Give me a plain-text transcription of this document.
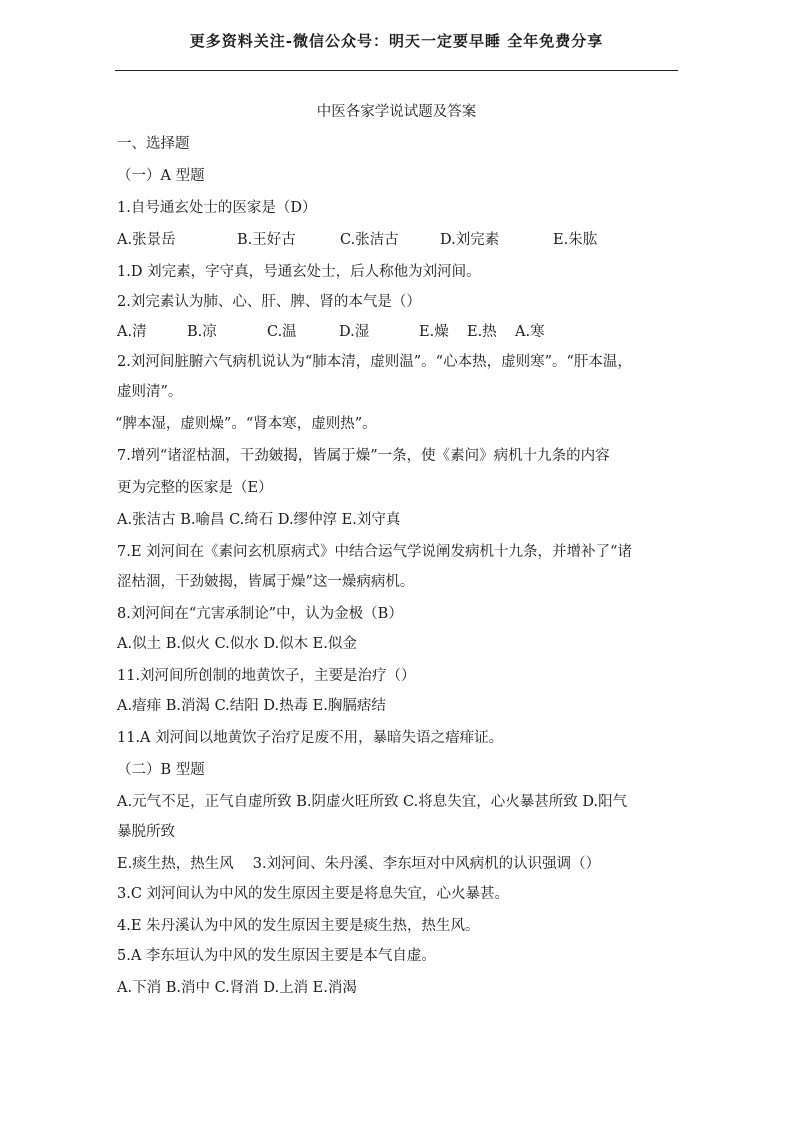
更多资料关注-微信公众号：明天一定要早睡 全年免费分享
中医各家学说试题及答案
一、选择题
（一）A 型题
1.自号通玄处士的医家是（D）
A.张景岳	B.王好古	C.张洁古	D.刘完素	E.朱肱
1.D 刘完素，字守真，号通玄处士，后人称他为刘河间。
2.刘完素认为肺、心、肝、脾、肾的本气是（）
A.清	B.凉	C.温	D.湿	E.燥 E.热 A.寒
2.刘河间脏腑六气病机说认为“肺本清，虚则温”。“心本热，虚则寒”。“肝本温，
虚则清”。
“脾本湿，虚则燥”。“肾本寒，虚则热”。
7.增列“诸涩枯涸，干劲皴揭，皆属于燥”一条，使《素问》病机十九条的内容
更为完整的医家是（E）
A.张洁古 B.喻昌 C.绮石 D.缪仲淳 E.刘守真
7.E 刘河间在《素问玄机原病式》中结合运气学说阐发病机十九条，并增补了“诸
涩枯涸，干劲皴揭，皆属于燥”这一燥病病机。
8.刘河间在“亢害承制论”中，认为金极（B）
A.似土 B.似火 C.似水 D.似木 E.似金
11.刘河间所创制的地黄饮子，主要是治疗（）
A.瘖痱 B.消渴 C.结阳 D.热毒 E.胸膈痞结
11.A 刘河间以地黄饮子治疗足废不用，暴暗失语之瘖痱证。
（二）B 型题
A.元气不足，正气自虚所致 B.阴虚火旺所致 C.将息失宜，心火暴甚所致 D.阳气
暴脱所致
E.痰生热，热生风　 3.刘河间、朱丹溪、李东垣对中风病机的认识强调（）
3.C 刘河间认为中风的发生原因主要是将息失宜，心火暴甚。
4.E 朱丹溪认为中风的发生原因主要是痰生热，热生风。
5.A 李东垣认为中风的发生原因主要是本气自虚。
A.下消 B.消中 C.肾消 D.上消 E.消渴
